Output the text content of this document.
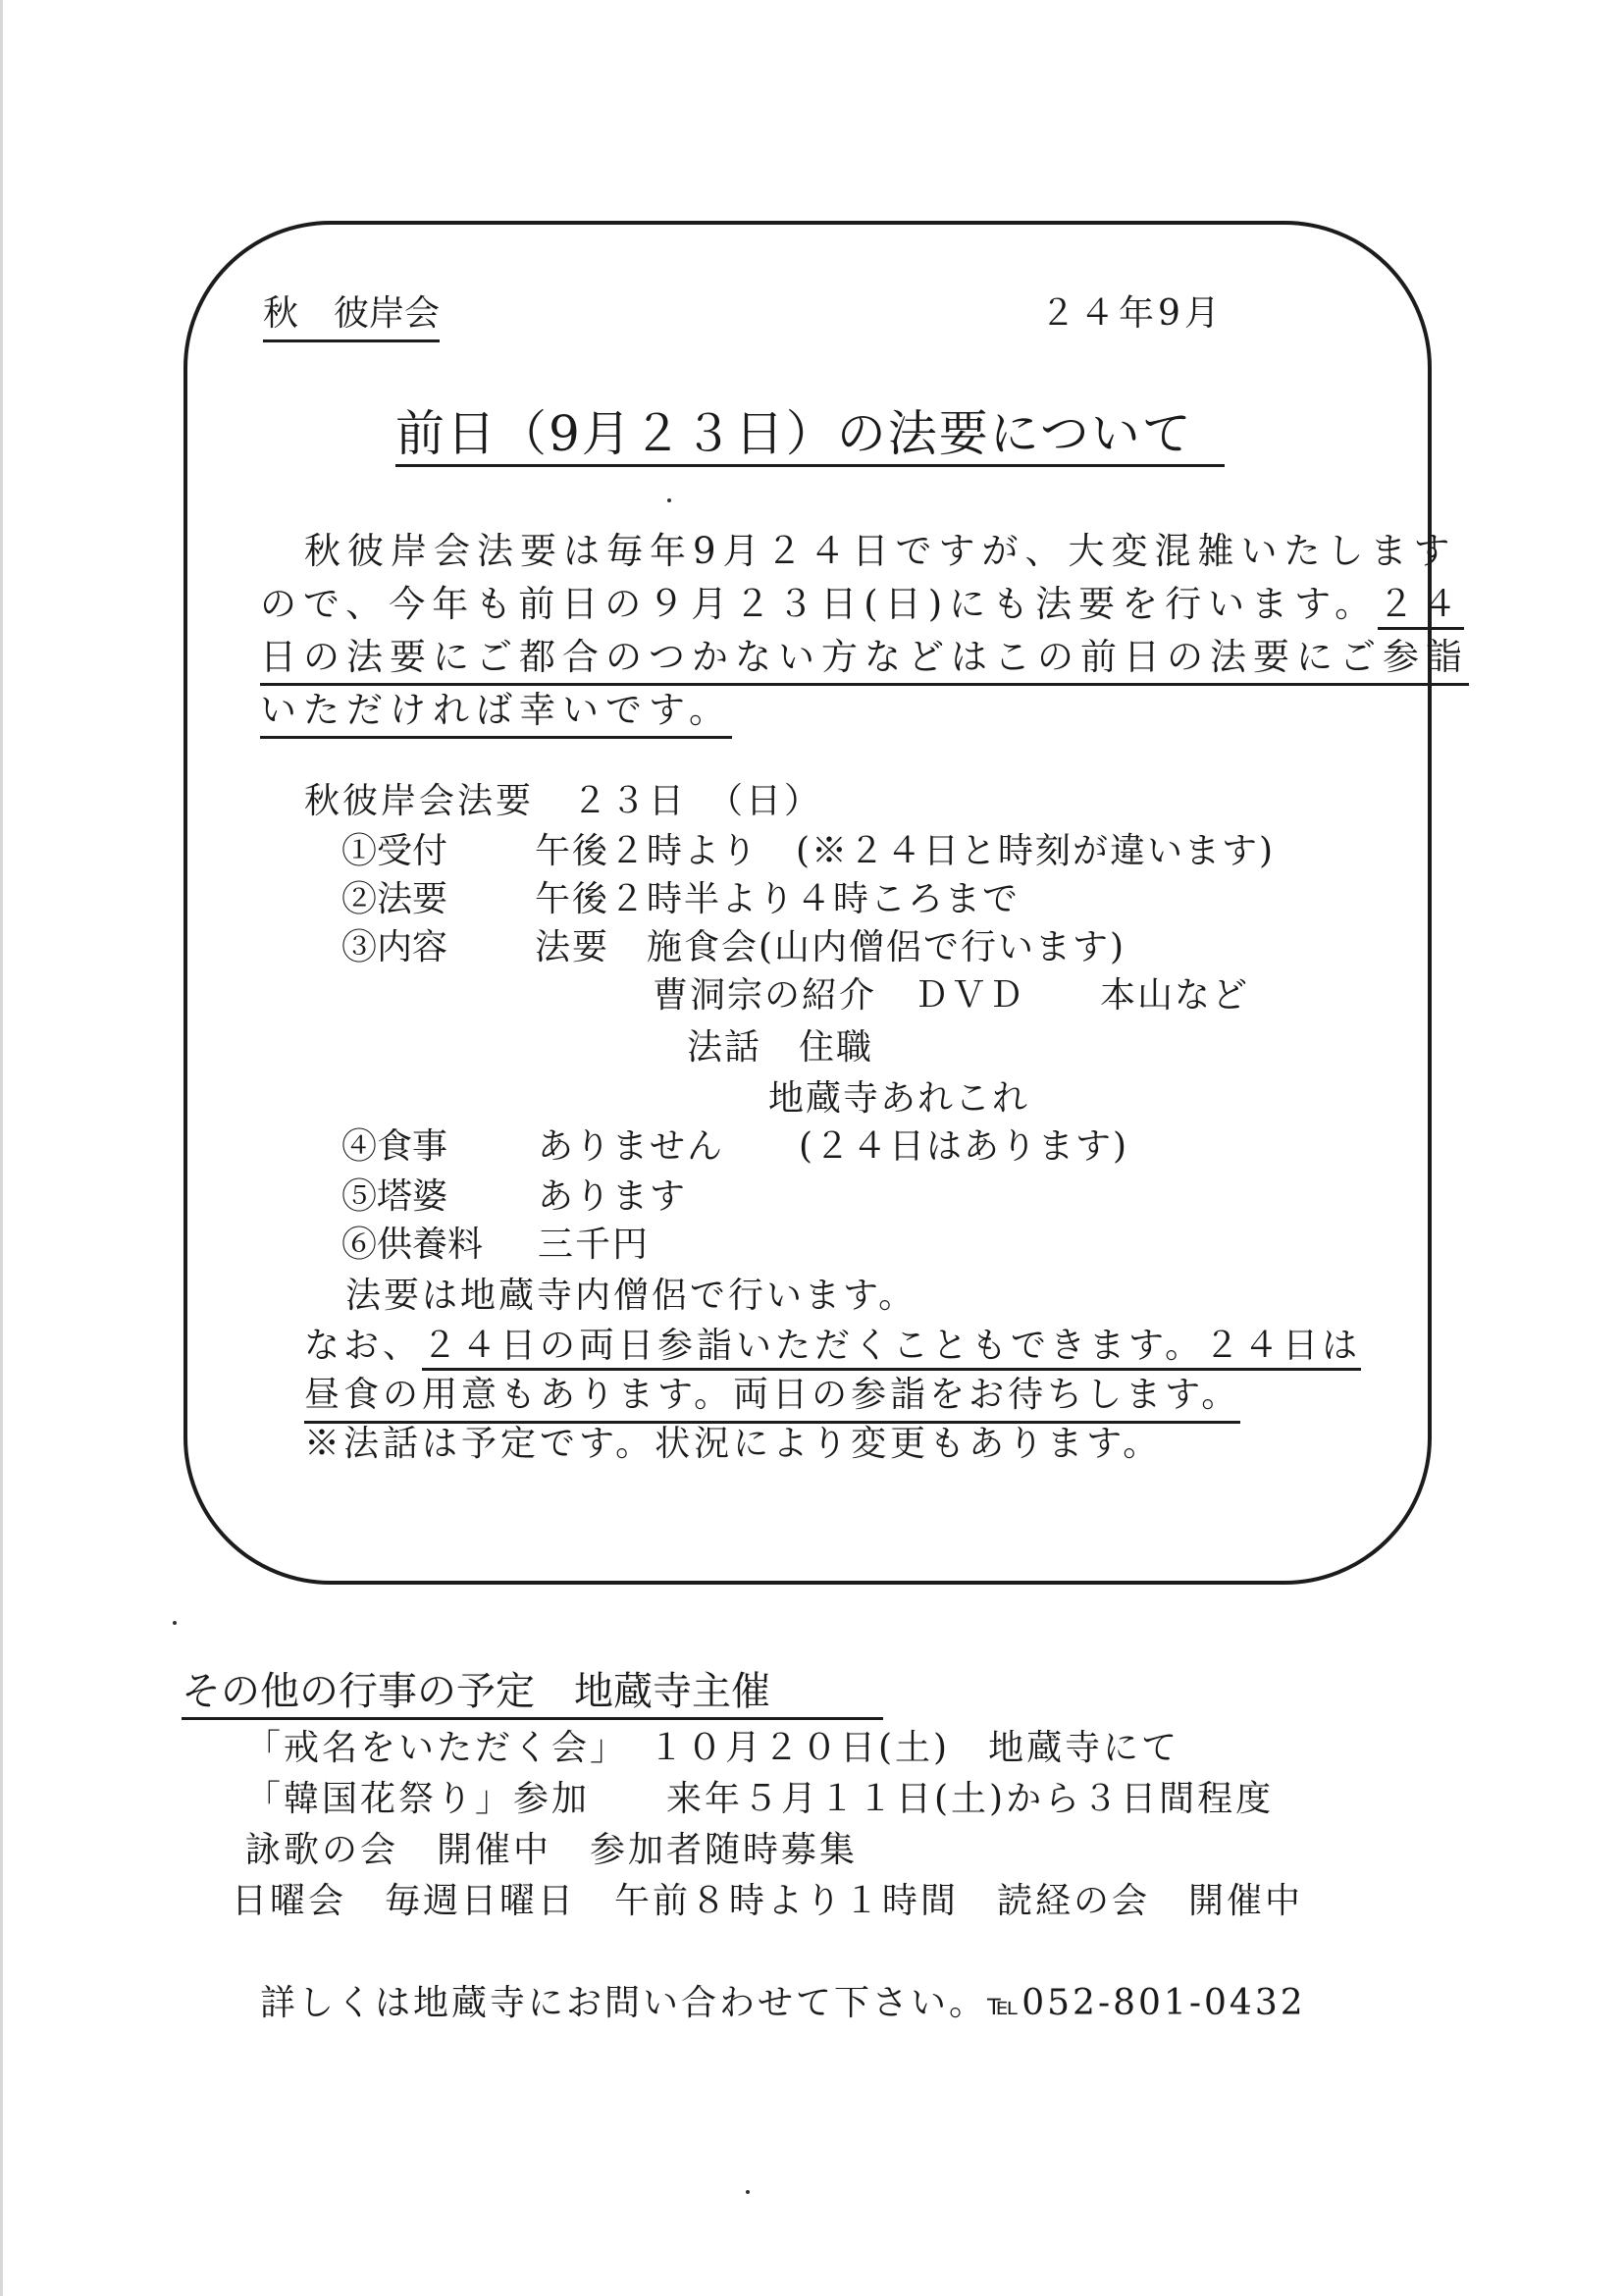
秋　彼岸会	２４年9月
前日（9月２３日）の法要について
秋彼岸会法要は毎年9月２４日ですが、大変混雑いたします
ので、今年も前日の９月２３日(日)にも法要を行います。２４
日の法要にご都合のつかない方などはこの前日の法要にご参詣
いただければ幸いです。
秋彼岸会法要　２３日　（日）
①受付 午後２時より　(※２４日と時刻が違います)
②法要 午後２時半より４時ころまで
③内容 法要　施食会(山内僧侶で行います)
曹洞宗の紹介　ＤＶＤ　　本山など
法話　住職
地蔵寺あれこれ
④食事	ありません　　(２４日はあります)
⑤塔婆	あります
⑥供養料 三千円
法要は地蔵寺内僧侶で行います。
なお、２４日の両日参詣いただくこともできます。２４日は
昼食の用意もあります。両日の参詣をお待ちします。
※法話は予定です。状況により変更もあります。
その他の行事の予定　地蔵寺主催
「戒名をいただく会」　１０月２０日(土)　地蔵寺にて
「韓国花祭り」参加　　来年５月１１日(土)から３日間程度
詠歌の会　開催中　参加者随時募集
日曜会　毎週日曜日　午前８時より１時間　読経の会　開催中
詳しくは地蔵寺にお問い合わせて下さい。℡052-801-0432
